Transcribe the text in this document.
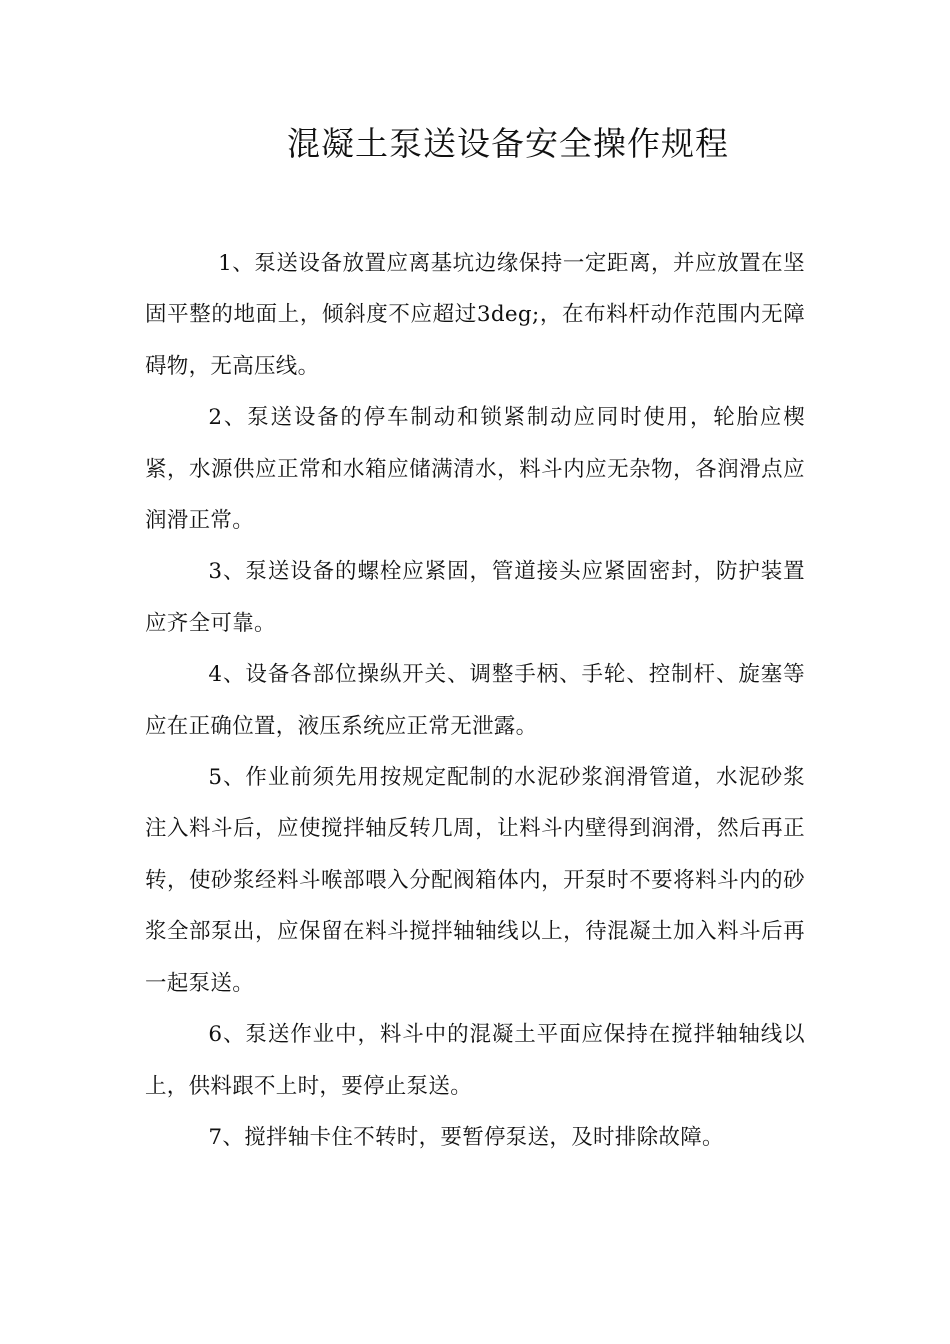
混凝土泵送设备安全操作规程

1、泵送设备放置应离基坑边缘保持一定距离，并应放置在坚固平整的地面上，倾斜度不应超过3deg;，在布料杆动作范围内无障碍物，无高压线。

2、泵送设备的停车制动和锁紧制动应同时使用，轮胎应楔紧，水源供应正常和水箱应储满清水，料斗内应无杂物，各润滑点应润滑正常。

3、泵送设备的螺栓应紧固，管道接头应紧固密封，防护装置应齐全可靠。

4、设备各部位操纵开关、调整手柄、手轮、控制杆、旋塞等应在正确位置，液压系统应正常无泄露。

5、作业前须先用按规定配制的水泥砂浆润滑管道，水泥砂浆注入料斗后，应使搅拌轴反转几周，让料斗内壁得到润滑，然后再正转，使砂浆经料斗喉部喂入分配阀箱体内，开泵时不要将料斗内的砂浆全部泵出，应保留在料斗搅拌轴轴线以上，待混凝土加入料斗后再一起泵送。

6、泵送作业中，料斗中的混凝土平面应保持在搅拌轴轴线以上，供料跟不上时，要停止泵送。

7、搅拌轴卡住不转时，要暂停泵送，及时排除故障。
